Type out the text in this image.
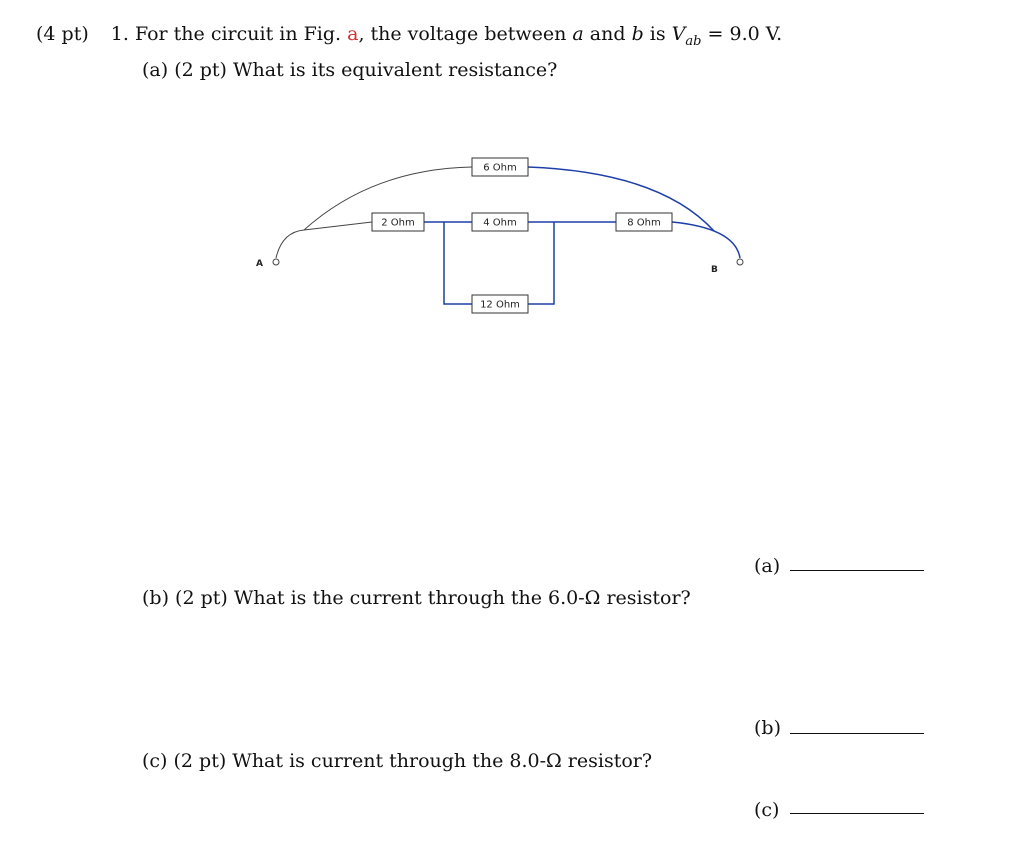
(4 pt) 1. For the circuit in Fig. a, the voltage between a and b is $V_{ab} = 9.0$ V.
(a) (2 pt) What is its equivalent resistance?
6 Ohm
2 Ohm	4 Ohm	8 Ohm
12 Ohm
A
B
(a)
(b) (2 pt) What is the current through the 6.0-Ω resistor?
(b)
(c) (2 pt) What is current through the 8.0-Ω resistor?
(c)
